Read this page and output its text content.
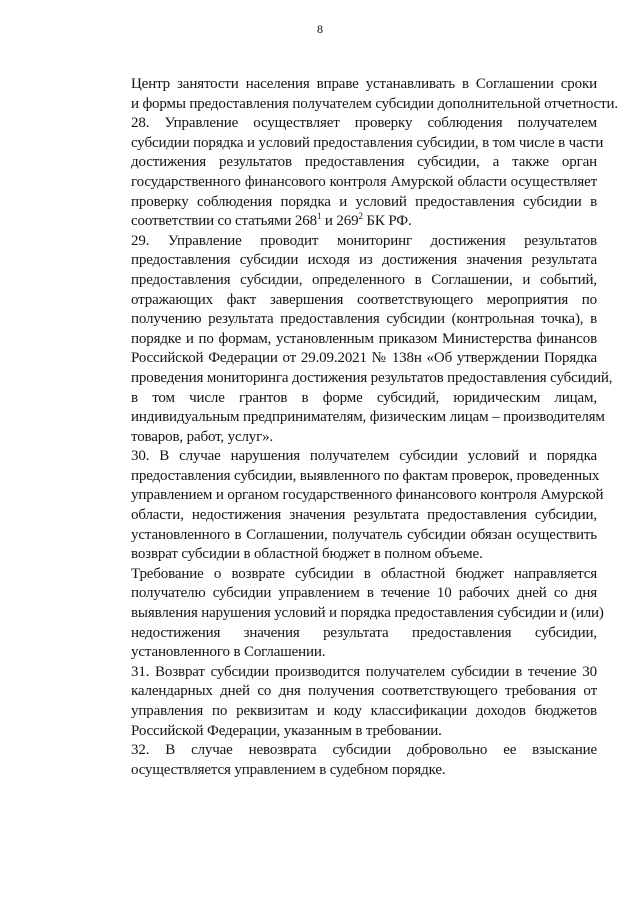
8
Центр занятости населения вправе устанавливать в Соглашении сроки
и формы предоставления получателем субсидии дополнительной отчетности.
28. Управление осуществляет проверку соблюдения получателем
субсидии порядка и условий предоставления субсидии, в том числе в части
достижения результатов предоставления субсидии, а также орган
государственного финансового контроля Амурской области осуществляет
проверку соблюдения порядка и условий предоставления субсидии в
соответствии со статьями $268^1$ и $269^2$ БК РФ.
29. Управление проводит мониторинг достижения результатов
предоставления субсидии исходя из достижения значения результата
предоставления субсидии, определенного в Соглашении, и событий,
отражающих факт завершения соответствующего мероприятия по
получению результата предоставления субсидии (контрольная точка), в
порядке и по формам, установленным приказом Министерства финансов
Российской Федерации от 29.09.2021 № 138н «Об утверждении Порядка
проведения мониторинга достижения результатов предоставления субсидий,
в том числе грантов в форме субсидий, юридическим лицам,
индивидуальным предпринимателям, физическим лицам – производителям
товаров, работ, услуг».
30. В случае нарушения получателем субсидии условий и порядка
предоставления субсидии, выявленного по фактам проверок, проведенных
управлением и органом государственного финансового контроля Амурской
области, недостижения значения результата предоставления субсидии,
установленного в Соглашении, получатель субсидии обязан осуществить
возврат субсидии в областной бюджет в полном объеме.
Требование о возврате субсидии в областной бюджет направляется
получателю субсидии управлением в течение 10 рабочих дней со дня
выявления нарушения условий и порядка предоставления субсидии и (или)
недостижения значения результата предоставления субсидии,
установленного в Соглашении.
31. Возврат субсидии производится получателем субсидии в течение 30
календарных дней со дня получения соответствующего требования от
управления по реквизитам и коду классификации доходов бюджетов
Российской Федерации, указанным в требовании.
32. В случае невозврата субсидии добровольно ее взыскание
осуществляется управлением в судебном порядке.
